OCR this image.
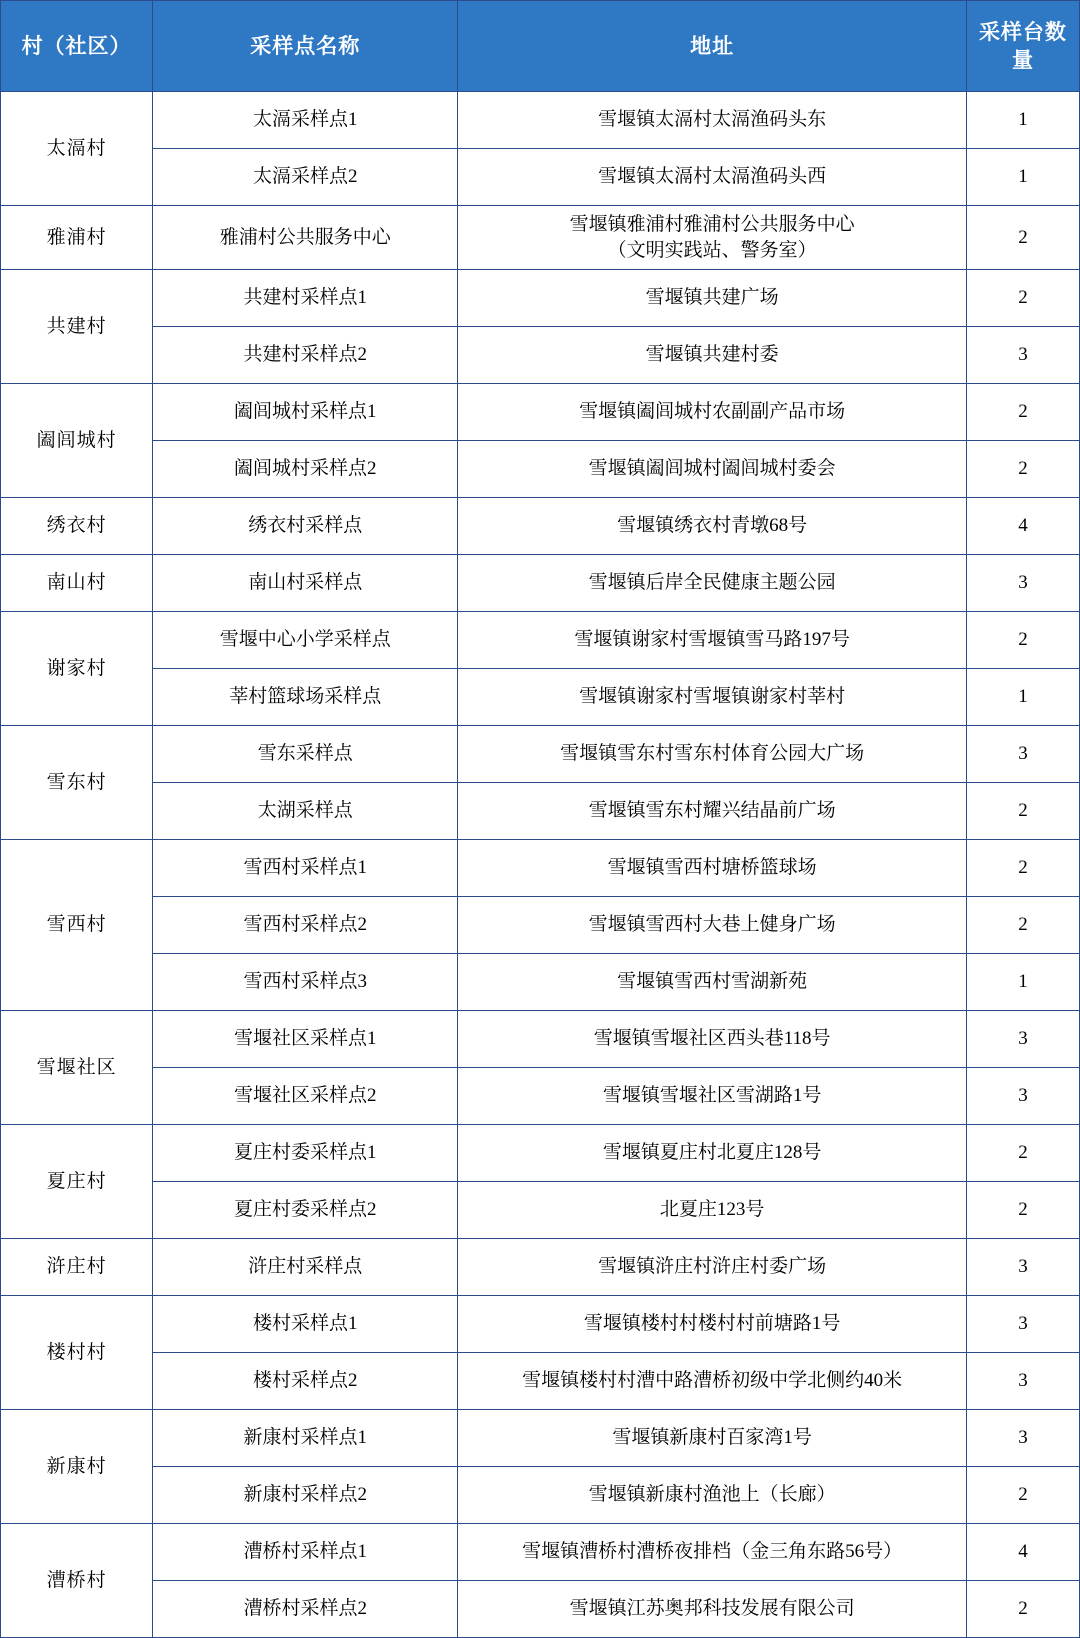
村（社区）	采样点名称	地址	采样台数量
太滆村	太滆采样点1	雪堰镇太滆村太滆渔码头东	1
	太滆采样点2	雪堰镇太滆村太滆渔码头西	1
雅浦村	雅浦村公共服务中心	雪堰镇雅浦村雅浦村公共服务中心
（文明实践站、警务室）	2
共建村	共建村采样点1	雪堰镇共建广场	2
	共建村采样点2	雪堰镇共建村委	3
阖闾城村	阖闾城村采样点1	雪堰镇阖闾城村农副副产品市场	2
	阖闾城村采样点2	雪堰镇阖闾城村阖闾城村委会	2
绣衣村	绣衣村采样点	雪堰镇绣衣村青墩68号	4
南山村	南山村采样点	雪堰镇后岸全民健康主题公园	3
谢家村	雪堰中心小学采样点	雪堰镇谢家村雪堰镇雪马路197号	2
	莘村篮球场采样点	雪堰镇谢家村雪堰镇谢家村莘村	1
雪东村	雪东采样点	雪堰镇雪东村雪东村体育公园大广场	3
	太湖采样点	雪堰镇雪东村耀兴结晶前广场	2
雪西村	雪西村采样点1	雪堰镇雪西村塘桥篮球场	2
	雪西村采样点2	雪堰镇雪西村大巷上健身广场	2
	雪西村采样点3	雪堰镇雪西村雪湖新苑	1
雪堰社区	雪堰社区采样点1	雪堰镇雪堰社区西头巷118号	3
	雪堰社区采样点2	雪堰镇雪堰社区雪湖路1号	3
夏庄村	夏庄村委采样点1	雪堰镇夏庄村北夏庄128号	2
	夏庄村委采样点2	北夏庄123号	2
浒庄村	浒庄村采样点	雪堰镇浒庄村浒庄村委广场	3
楼村村	楼村采样点1	雪堰镇楼村村楼村村前塘路1号	3
	楼村采样点2	雪堰镇楼村村漕中路漕桥初级中学北侧约40米	3
新康村	新康村采样点1	雪堰镇新康村百家湾1号	3
	新康村采样点2	雪堰镇新康村渔池上（长廊）	2
漕桥村	漕桥村采样点1	雪堰镇漕桥村漕桥夜排档（金三角东路56号）	4
	漕桥村采样点2	雪堰镇江苏奥邦科技发展有限公司	2
